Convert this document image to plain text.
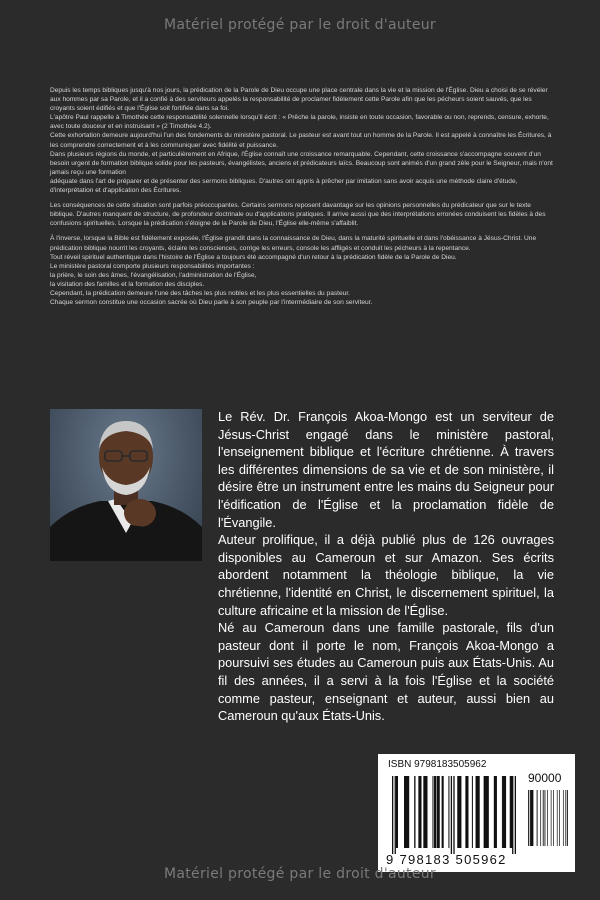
Matériel protégé par le droit d'auteur

Depuis les temps bibliques jusqu'à nos jours, la prédication de la Parole de Dieu occupe une place centrale dans la vie et la mission de l'Église. Dieu a choisi de se révéler aux hommes par sa Parole, et il a confié à des serviteurs appelés la responsabilité de proclamer fidèlement cette Parole afin que les pécheurs soient sauvés, que les croyants soient édifiés et que l'Église soit fortifiée dans sa foi.

L'apôtre Paul rappelle à Timothée cette responsabilité solennelle lorsqu'il écrit : « Prêche la parole, insiste en toute occasion, favorable ou non, reprends, censure, exhorte, avec toute douceur et en instruisant » (2 Timothée 4.2).

Cette exhortation demeure aujourd'hui l'un des fondements du ministère pastoral. Le pasteur est avant tout un homme de la Parole. Il est appelé à connaître les Écritures, à les comprendre correctement et à les communiquer avec fidélité et puissance.

Dans plusieurs régions du monde, et particulièrement en Afrique, l'Église connaît une croissance remarquable. Cependant, cette croissance s'accompagne souvent d'un besoin urgent de formation biblique solide pour les pasteurs, évangélistes, anciens et prédicateurs laïcs. Beaucoup sont animés d'un grand zèle pour le Seigneur, mais n'ont jamais reçu une formation

adéquate dans l'art de préparer et de présenter des sermons bibliques. D'autres ont appris à prêcher par imitation sans avoir acquis une méthode claire d'étude, d'interprétation et d'application des Écritures.

Les conséquences de cette situation sont parfois préoccupantes. Certains sermons reposent davantage sur les opinions personnelles du prédicateur que sur le texte biblique. D'autres manquent de structure, de profondeur doctrinale ou d'applications pratiques. Il arrive aussi que des interprétations erronées conduisent les fidèles à des confusions spirituelles. Lorsque la prédication s'éloigne de la Parole de Dieu, l'Église elle-même s'affaiblit.

À l'inverse, lorsque la Bible est fidèlement exposée, l'Église grandit dans la connaissance de Dieu, dans la maturité spirituelle et dans l'obéissance à Jésus-Christ. Une prédication biblique nourrit les croyants, éclaire les consciences, corrige les erreurs, console les affligés et conduit les pécheurs à la repentance.

Tout réveil spirituel authentique dans l'histoire de l'Église a toujours été accompagné d'un retour à la prédication fidèle de la Parole de Dieu.

Le ministère pastoral comporte plusieurs responsabilités importantes :

la prière, le soin des âmes, l'évangélisation, l'administration de l'Église,

la visitation des familles et la formation des disciples.

Cependant, la prédication demeure l'une des tâches les plus nobles et les plus essentielles du pasteur.

Chaque sermon constitue une occasion sacrée où Dieu parle à son peuple par l'intermédiaire de son serviteur.

Le Rév. Dr. François Akoa-Mongo est un serviteur de Jésus-Christ engagé dans le ministère pastoral, l'enseignement biblique et l'écriture chrétienne. À travers les différentes dimensions de sa vie et de son ministère, il désire être un instrument entre les mains du Seigneur pour l'édification de l'Église et la proclamation fidèle de l'Évangile.

Auteur prolifique, il a déjà publié plus de 126 ouvrages disponibles au Cameroun et sur Amazon. Ses écrits abordent notamment la théologie biblique, la vie chrétienne, l'identité en Christ, le discernement spirituel, la culture africaine et la mission de l'Église.

Né au Cameroun dans une famille pastorale, fils d'un pasteur dont il porte le nom, François Akoa-Mongo a poursuivi ses études au Cameroun puis aux États-Unis. Au fil des années, il a servi à la fois l'Église et la société comme pasteur, enseignant et auteur, aussi bien au Cameroun qu'aux États-Unis.

ISBN 9798183505962
90000
9 798183 505962
Matériel protégé par le droit d'auteur
